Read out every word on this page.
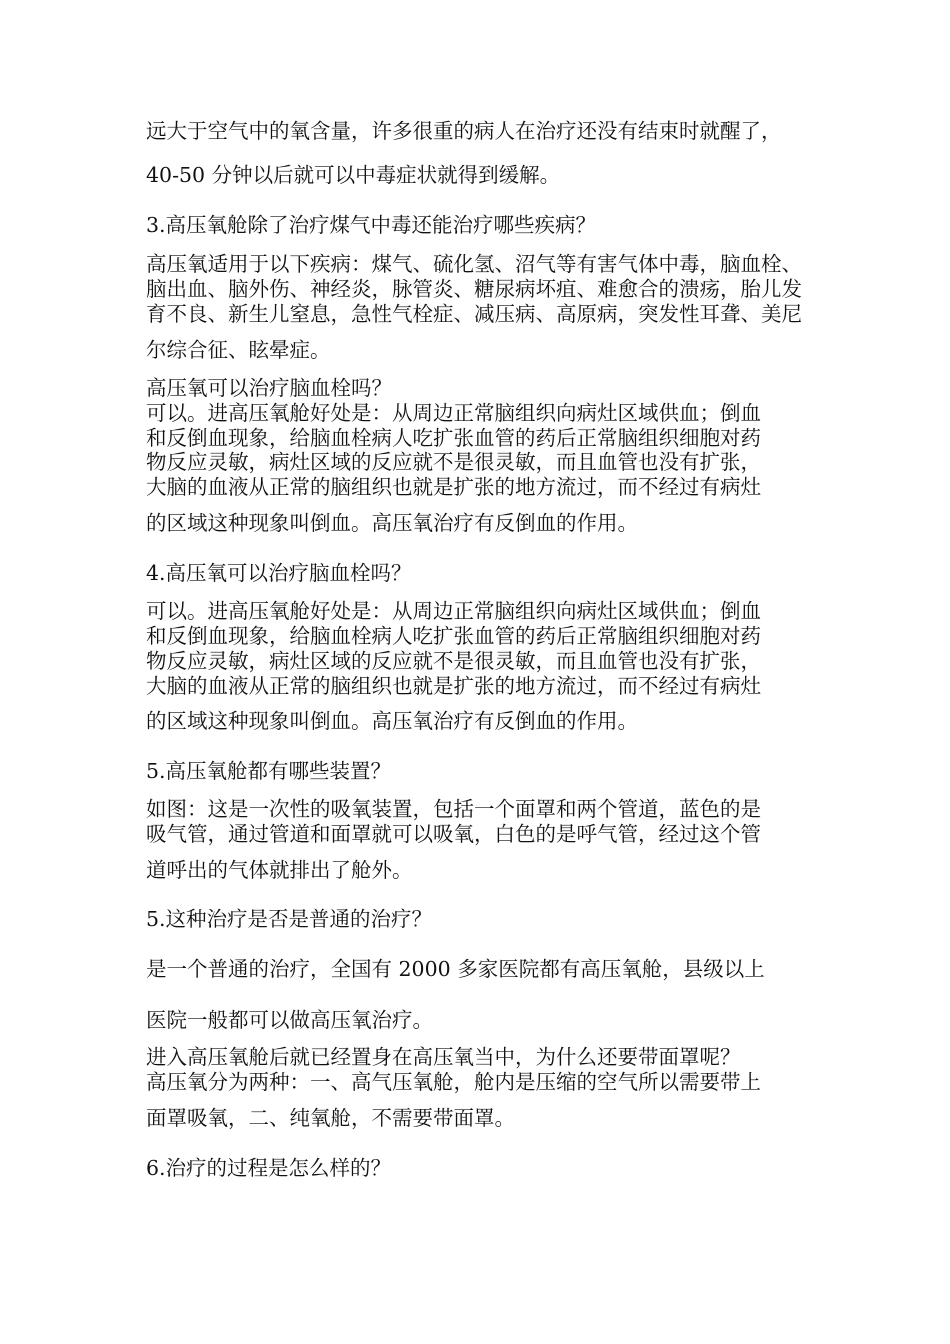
远大于空气中的氧含量，许多很重的病人在治疗还没有结束时就醒了，
40-50 分钟以后就可以中毒症状就得到缓解。
3.高压氧舱除了治疗煤气中毒还能治疗哪些疾病？
高压氧适用于以下疾病：煤气、硫化氢、沼气等有害气体中毒，脑血栓、
脑出血、脑外伤、神经炎，脉管炎、糖尿病坏疽、难愈合的溃疡，胎儿发
育不良、新生儿窒息，急性气栓症、减压病、高原病，突发性耳聋、美尼
尔综合征、眩晕症。
高压氧可以治疗脑血栓吗？
可以。进高压氧舱好处是：从周边正常脑组织向病灶区域供血；倒血
和反倒血现象，给脑血栓病人吃扩张血管的药后正常脑组织细胞对药
物反应灵敏，病灶区域的反应就不是很灵敏，而且血管也没有扩张，
大脑的血液从正常的脑组织也就是扩张的地方流过，而不经过有病灶
的区域这种现象叫倒血。高压氧治疗有反倒血的作用。
4.高压氧可以治疗脑血栓吗？
可以。进高压氧舱好处是：从周边正常脑组织向病灶区域供血；倒血
和反倒血现象，给脑血栓病人吃扩张血管的药后正常脑组织细胞对药
物反应灵敏，病灶区域的反应就不是很灵敏，而且血管也没有扩张，
大脑的血液从正常的脑组织也就是扩张的地方流过，而不经过有病灶
的区域这种现象叫倒血。高压氧治疗有反倒血的作用。
5.高压氧舱都有哪些装置？
如图：这是一次性的吸氧装置，包括一个面罩和两个管道，蓝色的是
吸气管，通过管道和面罩就可以吸氧，白色的是呼气管，经过这个管
道呼出的气体就排出了舱外。
5.这种治疗是否是普通的治疗？
是一个普通的治疗，全国有 2000 多家医院都有高压氧舱，县级以上
医院一般都可以做高压氧治疗。
进入高压氧舱后就已经置身在高压氧当中，为什么还要带面罩呢？
高压氧分为两种：一、高气压氧舱，舱内是压缩的空气所以需要带上
面罩吸氧，二、纯氧舱，不需要带面罩。
6.治疗的过程是怎么样的？
